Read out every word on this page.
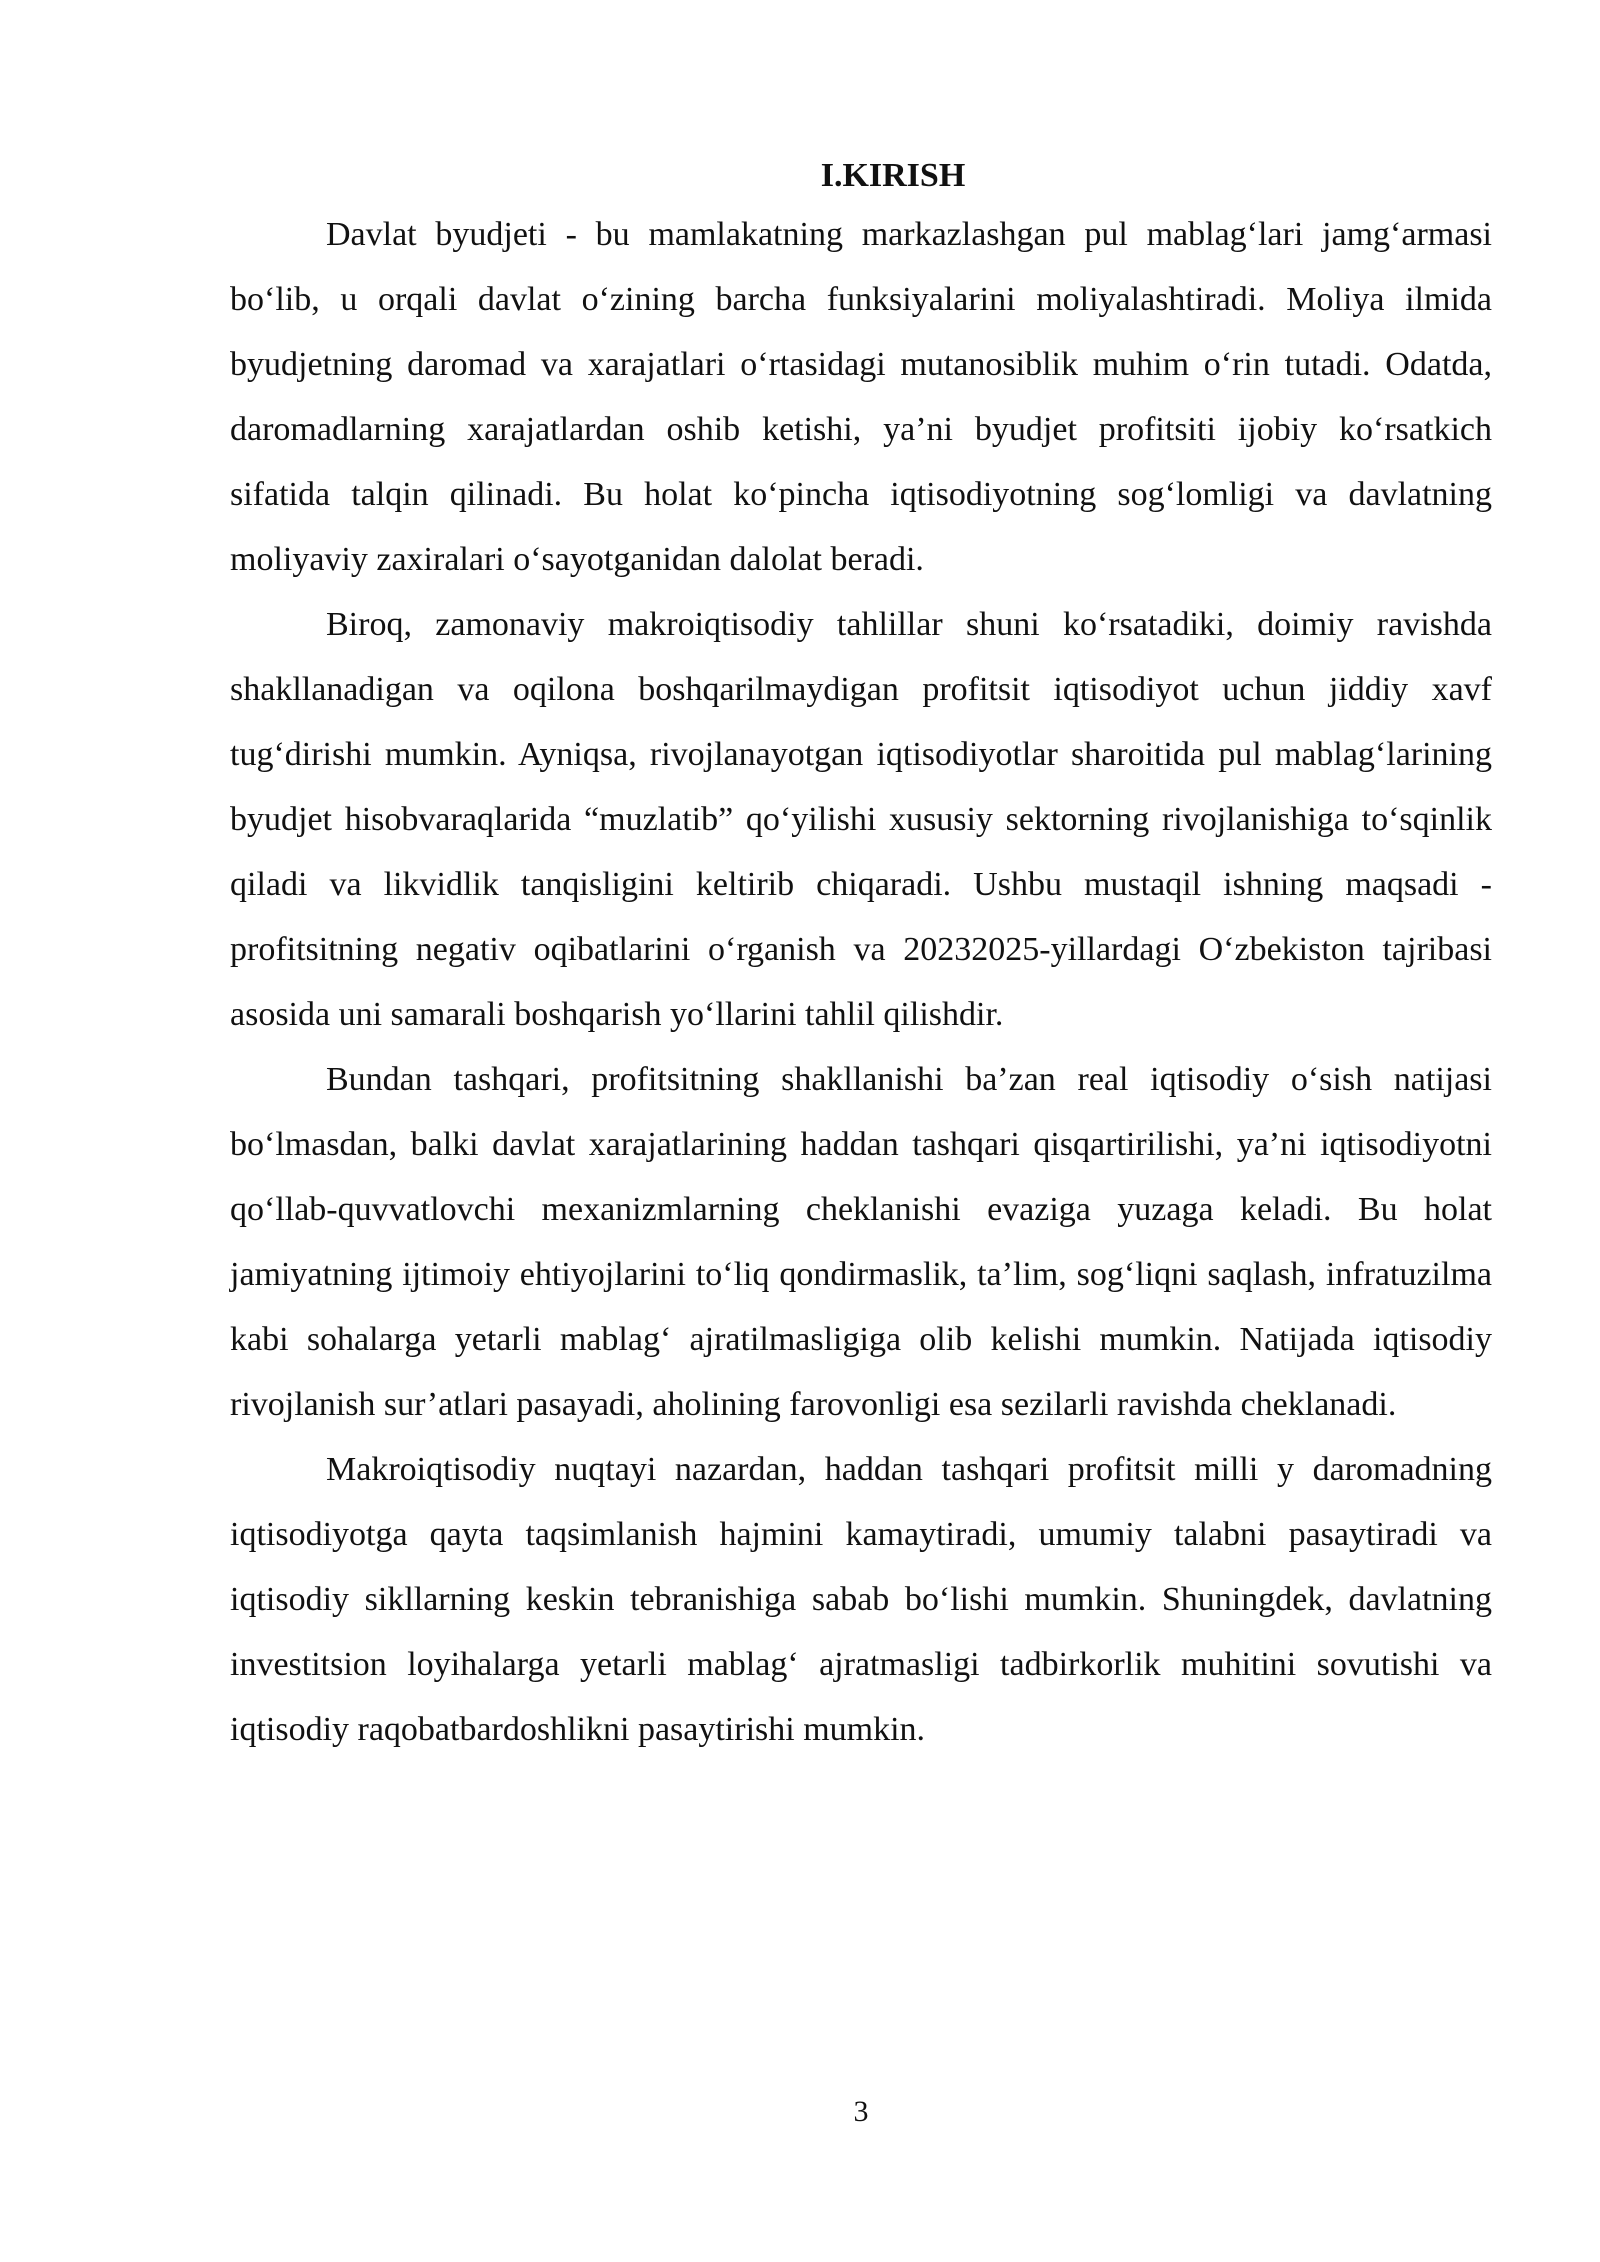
I.KIRISH

Davlat byudjeti - bu mamlakatning markazlashgan pul mablag‘lari jamg‘armasi bo‘lib, u orqali davlat o‘zining barcha funksiyalarini moliyalashtiradi. Moliya ilmida byudjetning daromad va xarajatlari o‘rtasidagi mutanosiblik muhim o‘rin tutadi. Odatda, daromadlarning xarajatlardan oshib ketishi, ya’ni byudjet profitsiti ijobiy ko‘rsatkich sifatida talqin qilinadi. Bu holat ko‘pincha iqtisodiyotning sog‘lomligi va davlatning moliyaviy zaxiralari o‘sayotganidan dalolat beradi.

Biroq, zamonaviy makroiqtisodiy tahlillar shuni ko‘rsatadiki, doimiy ravishda shakllanadigan va oqilona boshqarilmaydigan profitsit iqtisodiyot uchun jiddiy xavf tug‘dirishi mumkin. Ayniqsa, rivojlanayotgan iqtisodiyotlar sharoitida pul mablag‘larining byudjet hisobvaraqlarida “muzlatib” qo‘yilishi xususiy sektorning rivojlanishiga to‘sqinlik qiladi va likvidlik tanqisligini keltirib chiqaradi. Ushbu mustaqil ishning maqsadi - profitsitning negativ oqibatlarini o‘rganish va 20232025-yillardagi O‘zbekiston tajribasi asosida uni samarali boshqarish yo‘llarini tahlil qilishdir.

Bundan tashqari, profitsitning shakllanishi ba’zan real iqtisodiy o‘sish natijasi bo‘lmasdan, balki davlat xarajatlarining haddan tashqari qisqartirilishi, ya’ni iqtisodiyotni qo‘llab-quvvatlovchi mexanizmlarning cheklanishi evaziga yuzaga keladi. Bu holat jamiyatning ijtimoiy ehtiyojlarini to‘liq qondirmaslik, ta’lim, sog‘liqni saqlash, infratuzilma kabi sohalarga yetarli mablag‘ ajratilmasligiga olib kelishi mumkin. Natijada iqtisodiy rivojlanish sur’atlari pasayadi, aholining farovonligi esa sezilarli ravishda cheklanadi.

Makroiqtisodiy nuqtayi nazardan, haddan tashqari profitsit milli y daromadning iqtisodiyotga qayta taqsimlanish hajmini kamaytiradi, umumiy talabni pasaytiradi va iqtisodiy sikllarning keskin tebranishiga sabab bo‘lishi mumkin. Shuningdek, davlatning investitsion loyihalarga yetarli mablag‘ ajratmasligi tadbirkorlik muhitini sovutishi va iqtisodiy raqobatbardoshlikni pasaytirishi mumkin.

3
